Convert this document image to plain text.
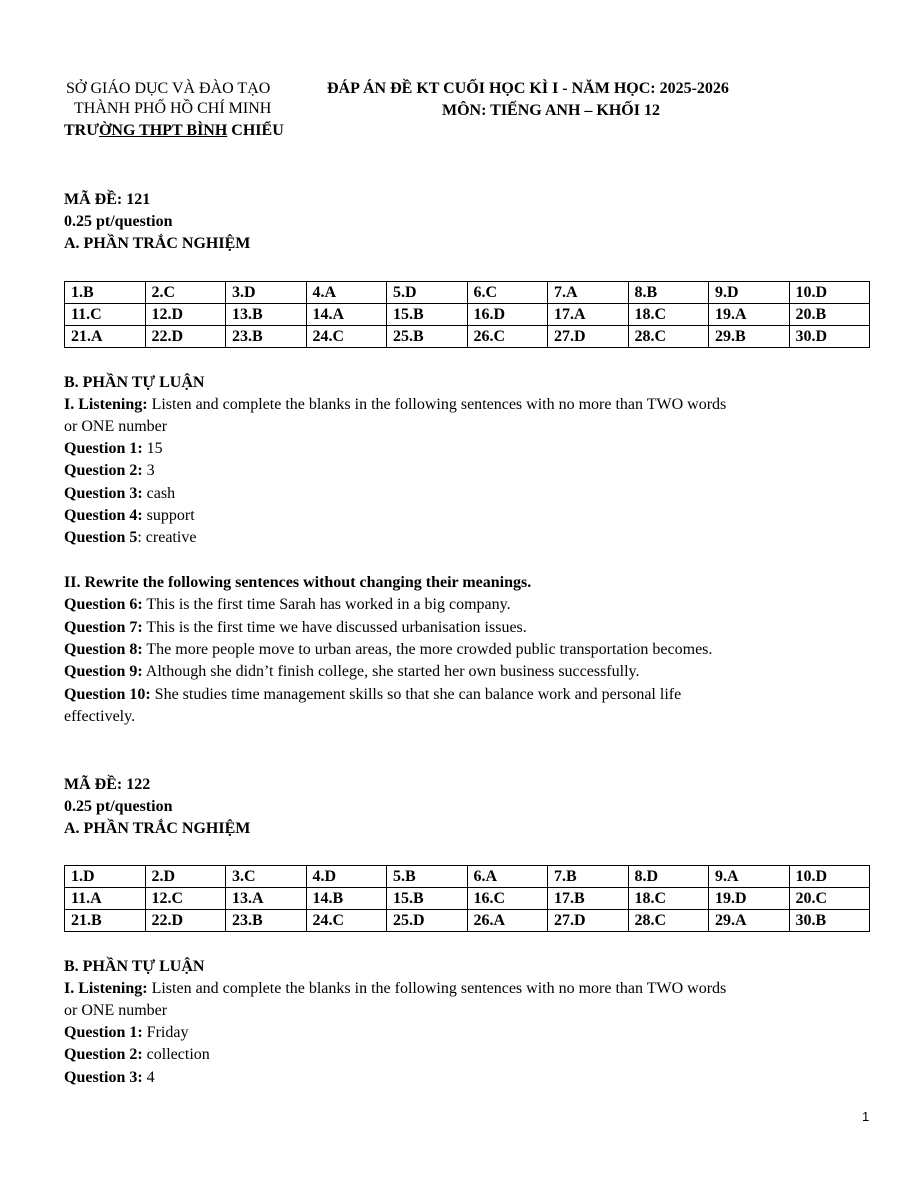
SỞ GIÁO DỤC VÀ ĐÀO TẠO
THÀNH PHỐ HỒ CHÍ MINH
TRƯỜNG THPT BÌNH CHIỂU
ĐÁP ÁN ĐỀ KT CUỐI HỌC KÌ I - NĂM HỌC: 2025-2026
MÔN: TIẾNG ANH – KHỐI 12
MÃ ĐỀ: 121
0.25 pt/question
A. PHẦN TRẮC NGHIỆM
1.B	2.C	3.D	4.A	5.D	6.C	7.A	8.B	9.D	10.D
11.C	12.D	13.B	14.A	15.B	16.D	17.A	18.C	19.A	20.B
21.A	22.D	23.B	24.C	25.B	26.C	27.D	28.C	29.B	30.D
B. PHẦN TỰ LUẬN
I. Listening: Listen and complete the blanks in the following sentences with no more than TWO words
or ONE number
Question 1: 15
Question 2: 3
Question 3: cash
Question 4: support
Question 5: creative
II. Rewrite the following sentences without changing their meanings.
Question 6: This is the first time Sarah has worked in a big company.
Question 7: This is the first time we have discussed urbanisation issues.
Question 8: The more people move to urban areas, the more crowded public transportation becomes.
Question 9: Although she didn’t finish college, she started her own business successfully.
Question 10: She studies time management skills so that she can balance work and personal life
effectively.
MÃ ĐỀ: 122
0.25 pt/question
A. PHẦN TRẮC NGHIỆM
1.D	2.D	3.C	4.D	5.B	6.A	7.B	8.D	9.A	10.D
11.A	12.C	13.A	14.B	15.B	16.C	17.B	18.C	19.D	20.C
21.B	22.D	23.B	24.C	25.D	26.A	27.D	28.C	29.A	30.B
B. PHẦN TỰ LUẬN
I. Listening: Listen and complete the blanks in the following sentences with no more than TWO words
or ONE number
Question 1: Friday
Question 2: collection
Question 3: 4
1
